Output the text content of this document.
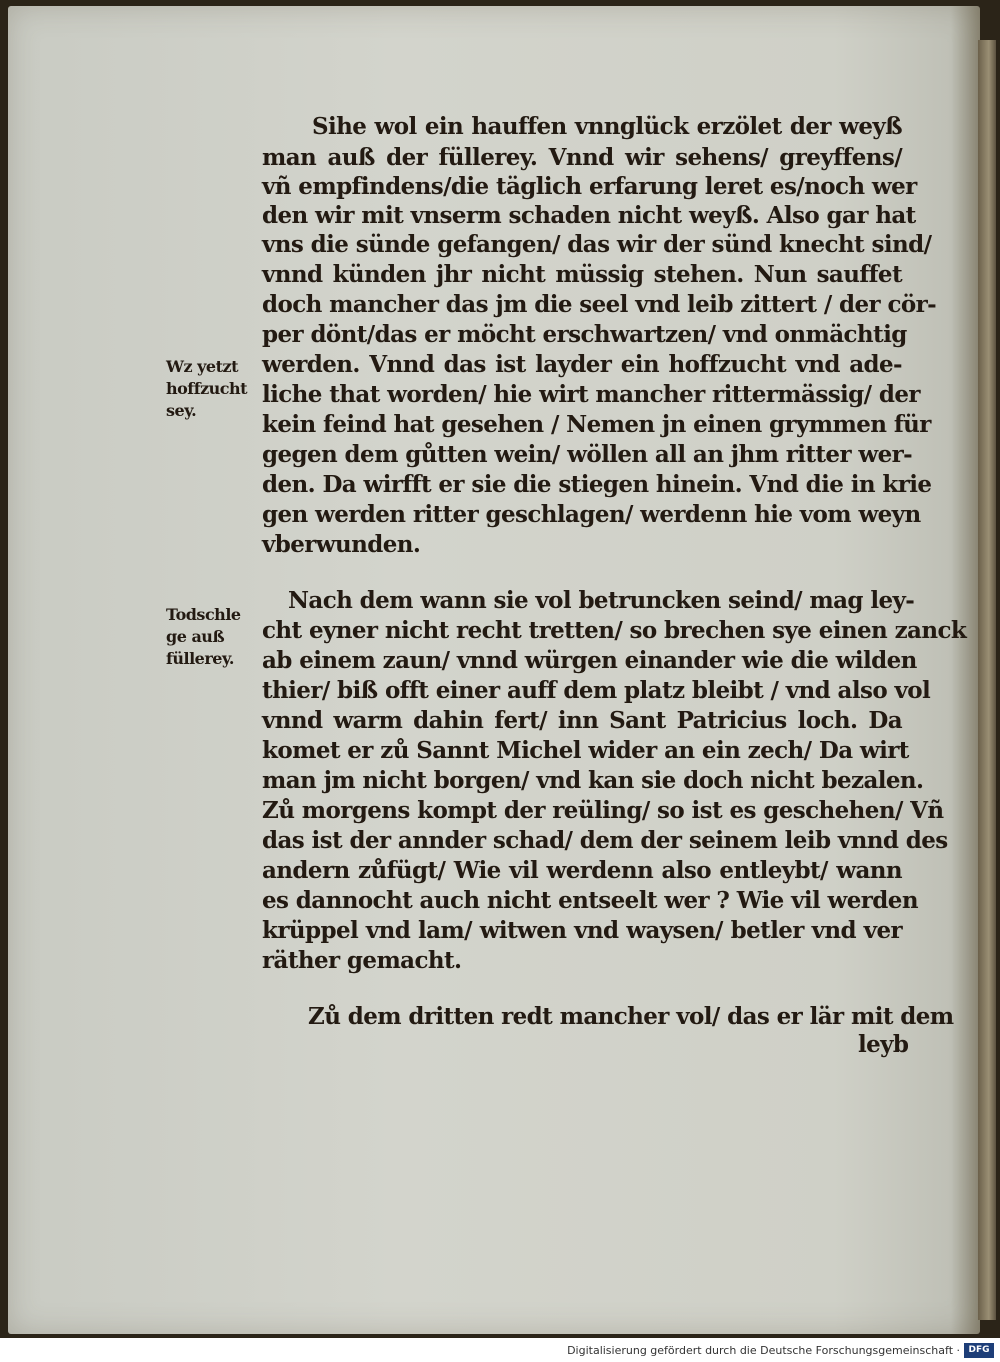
Sihe wol ein hauffen vnnglück erzölet der weyß
man auß der füllerey. Vnnd wir sehens/ greyffens/
vñ empfindens/die täglich erfarung leret es/noch wer
den wir mit vnserm schaden nicht weyß. Also gar hat
vns die sünde gefangen/ das wir der sünd knecht sind/
vnnd künden jhr nicht müssig stehen. Nun sauffet
doch mancher das jm die seel vnd leib zittert / der cör-
per dönt/das er möcht erschwartzen/ vnd onmächtig
werden. Vnnd das ist layder ein hoffzucht vnd ade-
liche that worden/ hie wirt mancher rittermässig/ der
kein feind hat gesehen / Nemen jn einen grymmen für
gegen dem gůtten wein/ wöllen all an jhm ritter wer-
den. Da wirfft er sie die stiegen hinein. Vnd die in krie
gen werden ritter geschlagen/ werdenn hie vom weyn
vberwunden.
Nach dem wann sie vol betruncken seind/ mag ley-
cht eyner nicht recht tretten/ so brechen sye einen zanck
ab einem zaun/ vnnd würgen einander wie die wilden
thier/ biß offt einer auff dem platz bleibt / vnd also vol
vnnd warm dahin fert/ inn Sant Patricius loch. Da
komet er zů Sannt Michel wider an ein zech/ Da wirt
man jm nicht borgen/ vnd kan sie doch nicht bezalen.
Zů morgens kompt der reüling/ so ist es geschehen/ Vñ
das ist der annder schad/ dem der seinem leib vnnd des
andern zůfügt/ Wie vil werdenn also entleybt/ wann
es dannocht auch nicht entseelt wer ? Wie vil werden
krüppel vnd lam/ witwen vnd waysen/ betler vnd ver
räther gemacht.
Zů dem dritten redt mancher vol/ das er lär mit dem
leyb
Wz yetzt
hoffzucht
sey.
Todschle
ge auß
füllerey.
Digitalisierung gefördert durch die Deutsche Forschungsgemeinschaft · DFG
